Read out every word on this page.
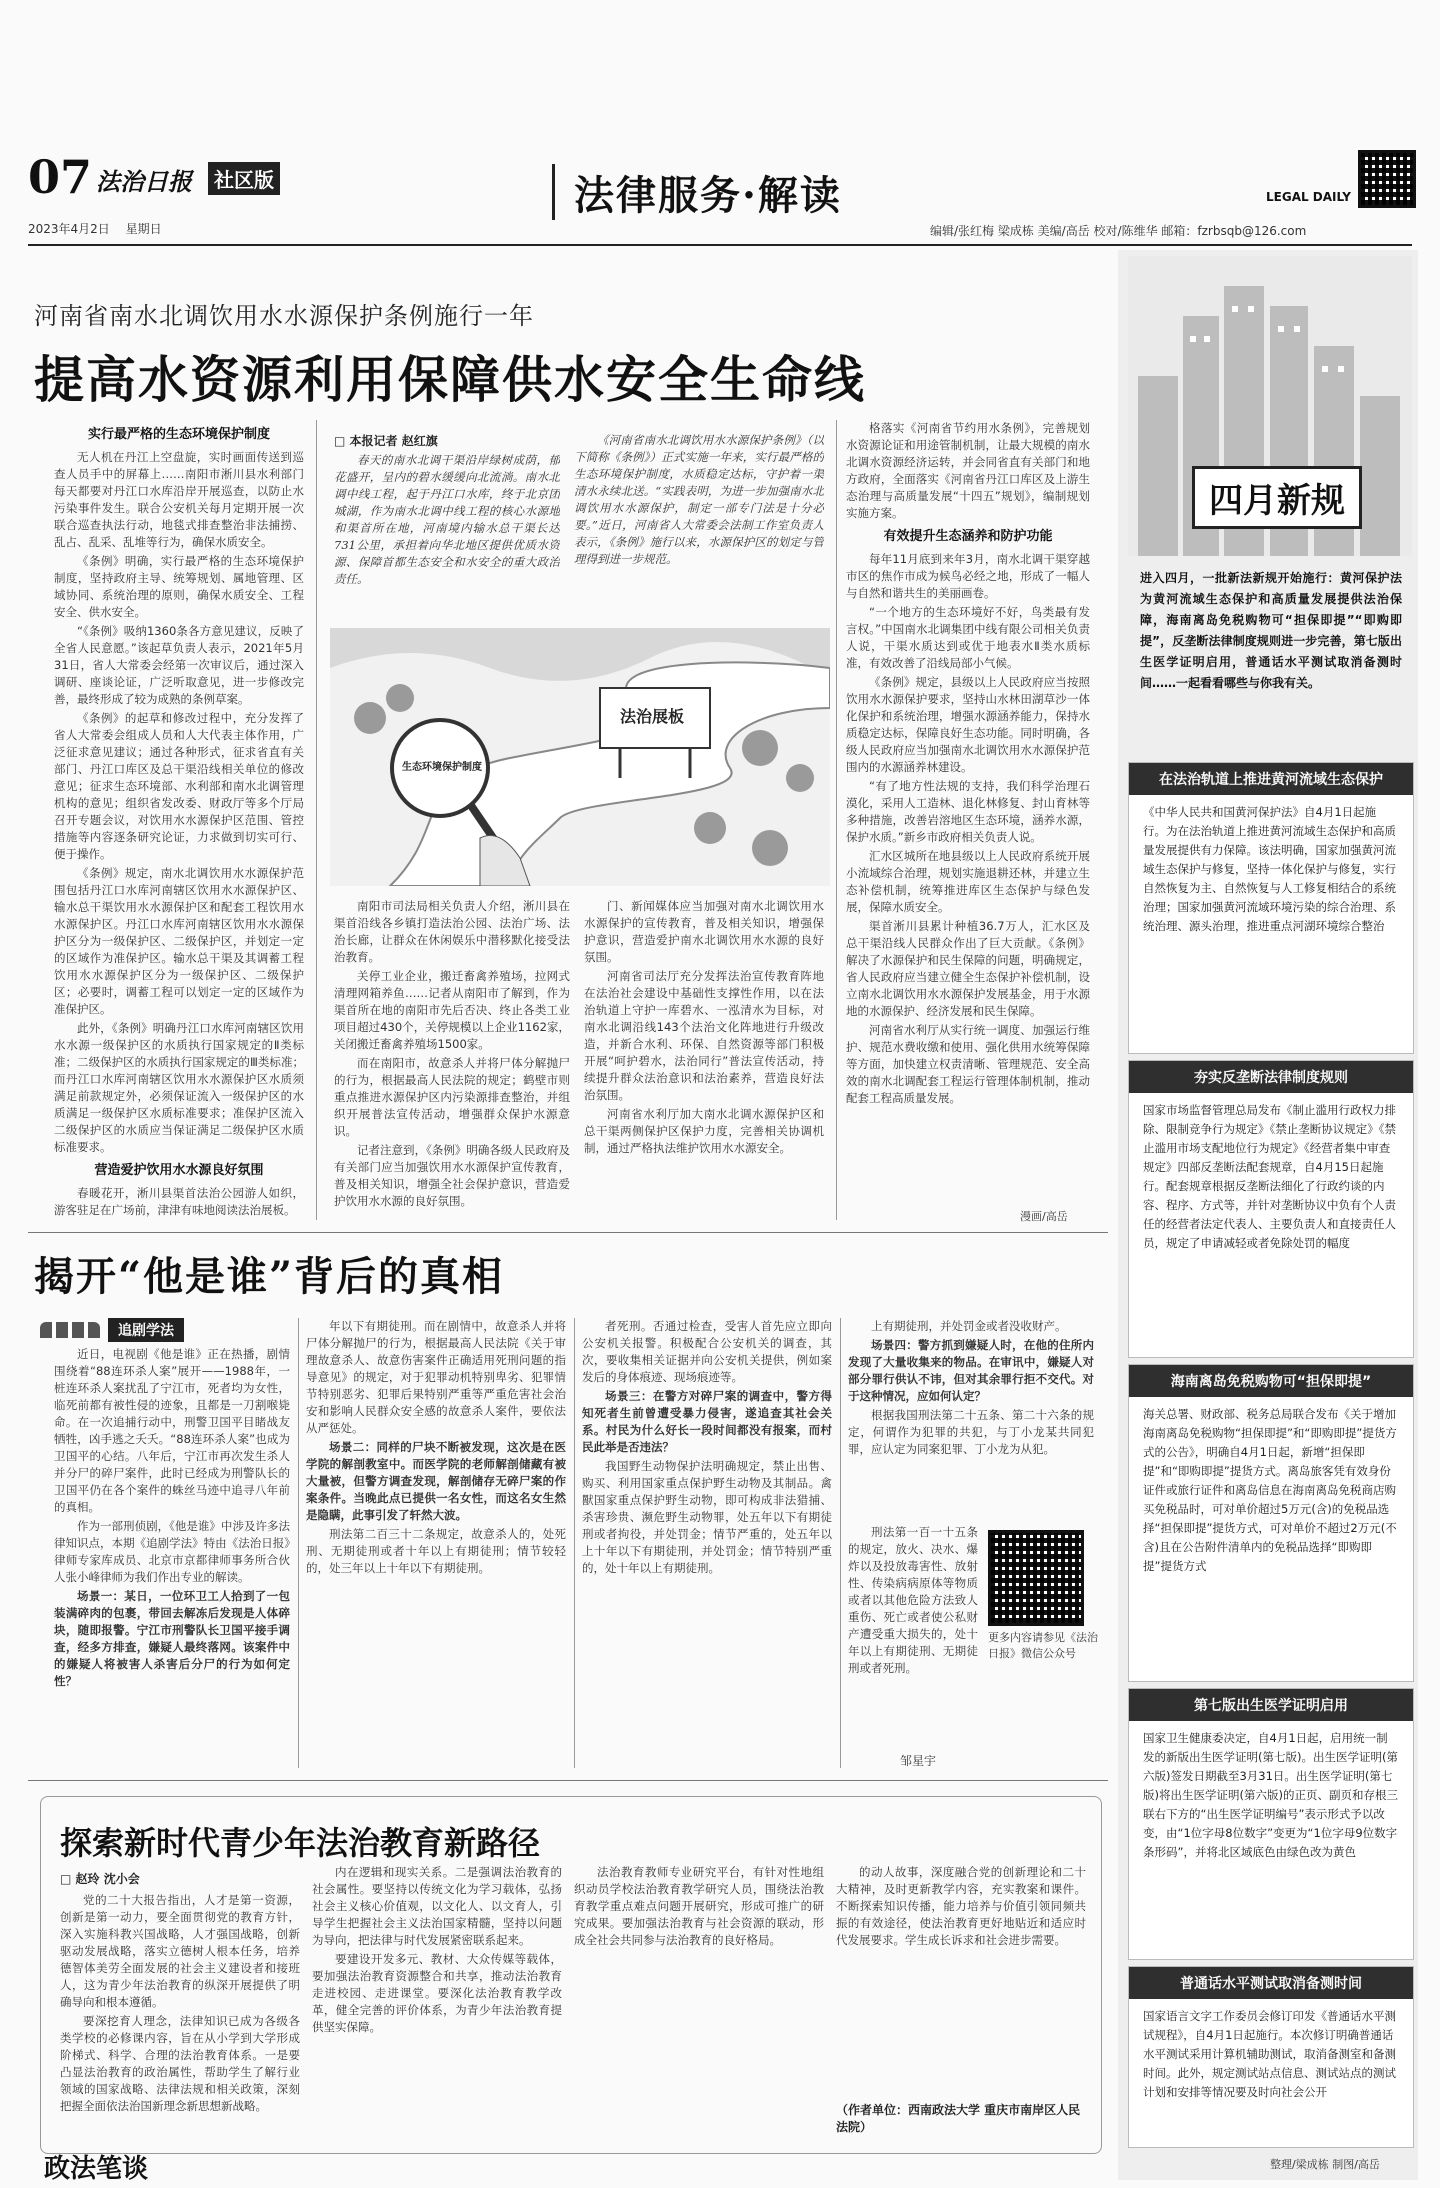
07 法治日报	社区版
2023年4月2日 星期日
法律服务·解读
编辑/张红梅 梁成栋 美编/高岳 校对/陈维华 邮箱：fzrbsqb@126.com
LEGAL DAILY
河南省南水北调饮用水水源保护条例施行一年
提高水资源利用保障供水安全生命线
实行最严格的生态环境保护制度

无人机在丹江上空盘旋，实时画面传送到巡查人员手中的屏幕上……南阳市淅川县水利部门每天都要对丹江口水库沿岸开展巡查，以防止水污染事件发生。联合公安机关每月定期开展一次联合巡查执法行动，地毯式排查整治非法捕捞、乱占、乱采、乱堆等行为，确保水质安全。

《条例》明确，实行最严格的生态环境保护制度，坚持政府主导、统筹规划、属地管理、区域协同、系统治理的原则，确保水质安全、工程安全、供水安全。

“《条例》吸纳1360条各方意见建议，反映了全省人民意愿。”该起草负责人表示，2021年5月31日，省人大常委会经第一次审议后，通过深入调研、座谈论证，广泛听取意见，进一步修改完善，最终形成了较为成熟的条例草案。

《条例》的起草和修改过程中，充分发挥了省人大常委会组成人员和人大代表主体作用，广泛征求意见建议；通过各种形式，征求省直有关部门、丹江口库区及总干渠沿线相关单位的修改意见；征求生态环境部、水利部和南水北调管理机构的意见；组织省发改委、财政厅等多个厅局召开专题会议，对饮用水水源保护区范围、管控措施等内容逐条研究论证，力求做到切实可行、便于操作。

《条例》规定，南水北调饮用水水源保护范围包括丹江口水库河南辖区饮用水水源保护区、输水总干渠饮用水水源保护区和配套工程饮用水水源保护区。丹江口水库河南辖区饮用水水源保护区分为一级保护区、二级保护区，并划定一定的区域作为准保护区。输水总干渠及其调蓄工程饮用水水源保护区分为一级保护区、二级保护区；必要时，调蓄工程可以划定一定的区域作为准保护区。

此外，《条例》明确丹江口水库河南辖区饮用水水源一级保护区的水质执行国家规定的Ⅱ类标准；二级保护区的水质执行国家规定的Ⅲ类标准；而丹江口水库河南辖区饮用水水源保护区水质须满足前款规定外，必须保证流入一级保护区的水质满足一级保护区水质标准要求；准保护区流入二级保护区的水质应当保证满足二级保护区水质标准要求。

营造爱护饮用水水源良好氛围

春暖花开，淅川县渠首法治公园游人如织，游客驻足在广场前，津津有味地阅读法治展板。

□ 本报记者 赵红旗

春天的南水北调干渠沿岸绿树成荫，郁花盛开，呈内的碧水缓缓向北流淌。南水北调中线工程，起于丹江口水库，终于北京团城湖，作为南水北调中线工程的核心水源地和渠首所在地，河南境内输水总干渠长达731公里，承担着向华北地区提供优质水资源、保障首都生态安全和水安全的重大政治责任。

《河南省南水北调饮用水水源保护条例》（以下简称《条例》）正式实施一年来，实行最严格的生态环境保护制度，水质稳定达标，守护着一渠清水永续北送。“实践表明，为进一步加强南水北调饮用水水源保护，制定一部专门法是十分必要。”近日，河南省人大常委会法制工作室负责人表示，《条例》施行以来，水源保护区的划定与管理得到进一步规范。

法治展板
生态环境保护制度

南阳市司法局相关负责人介绍，淅川县在渠首沿线各乡镇打造法治公园、法治广场、法治长廊，让群众在休闲娱乐中潜移默化接受法治教育。

关停工业企业，搬迁畜禽养殖场，拉网式清理网箱养鱼……记者从南阳市了解到，作为渠首所在地的南阳市先后否决、终止各类工业项目超过430个，关停规模以上企业1162家，关闭搬迁畜禽养殖场1500家。

而在南阳市，故意杀人并将尸体分解抛尸的行为，根据最高人民法院的规定；鹤壁市则重点推进水源保护区内污染源排查整治，并组织开展普法宣传活动，增强群众保护水源意识。

记者注意到，《条例》明确各级人民政府及有关部门应当加强饮用水水源保护宣传教育，普及相关知识，增强全社会保护意识，营造爱护饮用水水源的良好氛围。

门、新闻媒体应当加强对南水北调饮用水水源保护的宣传教育，普及相关知识，增强保护意识，营造爱护南水北调饮用水水源的良好氛围。

河南省司法厅充分发挥法治宣传教育阵地在法治社会建设中基础性支撑性作用，以在法治轨道上守护一库碧水、一泓清水为目标，对南水北调沿线143个法治文化阵地进行升级改造，并新合水利、环保、自然资源等部门积极开展“呵护碧水，法治同行”普法宣传活动，持续提升群众法治意识和法治素养，营造良好法治氛围。

河南省水利厅加大南水北调水源保护区和总干渠两侧保护区保护力度，完善相关协调机制，通过严格执法维护饮用水水源安全。

格落实《河南省节约用水条例》，完善规划水资源论证和用途管制机制，让最大规模的南水北调水资源经济运转，并会同省直有关部门和地方政府，全面落实《河南省丹江口库区及上游生态治理与高质量发展“十四五”规划》，编制规划实施方案。

有效提升生态涵养和防护功能

每年11月底到来年3月，南水北调干渠穿越市区的焦作市成为候鸟必经之地，形成了一幅人与自然和谐共生的美丽画卷。

“一个地方的生态环境好不好，鸟类最有发言权。”中国南水北调集团中线有限公司相关负责人说，干渠水质达到或优于地表水Ⅱ类水质标准，有效改善了沿线局部小气候。

《条例》规定，县级以上人民政府应当按照饮用水水源保护要求，坚持山水林田湖草沙一体化保护和系统治理，增强水源涵养能力，保持水质稳定达标，保障良好生态功能。同时明确，各级人民政府应当加强南水北调饮用水水源保护范围内的水源涵养林建设。

“有了地方性法规的支持，我们科学治理石漠化，采用人工造林、退化林修复、封山育林等多种措施，改善岩溶地区生态环境，涵养水源，保护水质。”新乡市政府相关负责人说。

汇水区城所在地县级以上人民政府系统开展小流域综合治理，规划实施退耕还林，并建立生态补偿机制，统筹推进库区生态保护与绿色发展，保障水质安全。

渠首淅川县累计种植36.7万人，汇水区及总干渠沿线人民群众作出了巨大贡献。《条例》解决了水源保护和民生保障的问题，明确规定，省人民政府应当建立健全生态保护补偿机制，设立南水北调饮用水水源保护发展基金，用于水源地的水源保护、经济发展和民生保障。

河南省水利厅从实行统一调度、加强运行维护、规范水费收缴和使用、强化供用水统筹保障等方面，加快建立权责清晰、管理规范、安全高效的南水北调配套工程运行管理体制机制，推动配套工程高质量发展。

漫画/高岳
揭开“他是谁”背后的真相
追剧学法

近日，电视剧《他是谁》正在热播，剧情围绕着“88连环杀人案”展开——1988年，一桩连环杀人案扰乱了宁江市，死者均为女性，临死前都有被性侵的迹象，且都是一刀割喉毙命。在一次追捕行动中，刑警卫国平目睹战友牺牲，凶手逃之夭夭。“88连环杀人案”也成为卫国平的心结。八年后，宁江市再次发生杀人并分尸的碎尸案件，此时已经成为刑警队长的卫国平仍在各个案件的蛛丝马迹中追寻八年前的真相。

作为一部刑侦剧，《他是谁》中涉及许多法律知识点，本期《追剧学法》特由《法治日报》律师专家库成员、北京市京都律师事务所合伙人张小峰律师为我们作出专业的解读。

场景一：某日，一位环卫工人拾到了一包装满碎肉的包裹，带回去解冻后发现是人体碎块，随即报警。宁江市刑警队长卫国平接手调查，经多方排查，嫌疑人最终落网。该案件中的嫌疑人将被害人杀害后分尸的行为如何定性？

年以下有期徒刑。而在剧情中，故意杀人并将尸体分解抛尸的行为，根据最高人民法院《关于审理故意杀人、故意伤害案件正确适用死刑问题的指导意见》的规定，对于犯罪动机特别卑劣、犯罪情节特别恶劣、犯罪后果特别严重等严重危害社会治安和影响人民群众安全感的故意杀人案件，要依法从严惩处。

场景二：同样的尸块不断被发现，这次是在医学院的解剖教室中。而医学院的老师解剖储藏有被大量被，但警方调查发现，解剖储存无碎尸案的作案条件。当晚此点已提供一名女性，而这名女生然是隐瞒，此事引发了轩然大波。

刑法第二百三十二条规定，故意杀人的，处死刑、无期徒刑或者十年以上有期徒刑；情节较轻的，处三年以上十年以下有期徒刑。

者死刑。否通过检查，受害人首先应立即向公安机关报警。积极配合公安机关的调查，其次，要收集相关证据并向公安机关提供，例如案发后的身体痕迹、现场痕迹等。

场景三：在警方对碎尸案的调查中，警方得知死者生前曾遭受暴力侵害，遂追查其社会关系。村民为什么好长一段时间都没有报案，而村民此举是否违法？

我国野生动物保护法明确规定，禁止出售、购买、利用国家重点保护野生动物及其制品。禽獸国家重点保护野生动物，即可构成非法猎捕、杀害珍贵、濒危野生动物罪，处五年以下有期徒刑或者拘役，并处罚金；情节严重的，处五年以上十年以下有期徒刑，并处罚金；情节特别严重的，处十年以上有期徒刑。

上有期徒刑，并处罚金或者没收财产。

场景四：警方抓到嫌疑人时，在他的住所内发现了大量收集来的物品。在审讯中，嫌疑人对部分罪行供认不讳，但对其余罪行拒不交代。对于这种情况，应如何认定？

根据我国刑法第二十五条、第二十六条的规定，何谓作为犯罪的共犯，与丁小龙某共同犯罪，应认定为同案犯罪、丁小龙为从犯。

刑法第一百一十五条的规定，放火、决水、爆炸以及投放毒害性、放射性、传染病病原体等物质或者以其他危险方法致人重伤、死亡或者使公私财产遭受重大损失的，处十年以上有期徒刑、无期徒刑或者死刑。

更多内容请参见《法治日报》微信公众号
邹星宇
探索新时代青少年法治教育新路径
□ 赵玲 沈小会

党的二十大报告指出，人才是第一资源，创新是第一动力，要全面贯彻党的教育方针，深入实施科教兴国战略，人才强国战略，创新驱动发展战略，落实立德树人根本任务，培养德智体美劳全面发展的社会主义建设者和接班人，这为青少年法治教育的纵深开展提供了明确导向和根本遵循。

要深挖育人理念，法律知识已成为各级各类学校的必修课内容，旨在从小学到大学形成阶梯式、科学、合理的法治教育体系。一是要凸显法治教育的政治属性，帮助学生了解行业领域的国家战略、法律法规和相关政策，深刻把握全面依法治国新理念新思想新战略。

内在逻辑和现实关系。二是强调法治教育的社会属性。要坚持以传统文化为学习载体，弘扬社会主义核心价值观，以文化人、以文育人，引导学生把握社会主义法治国家精髓，坚持以问题为导向，把法律与时代发展紧密联系起来。

要建设开发多元、教材、大众传媒等载体，要加强法治教育资源整合和共享，推动法治教育走进校园、走进课堂。要深化法治教育教学改革，健全完善的评价体系，为青少年法治教育提供坚实保障。

法治教育教师专业研究平台，有针对性地组织动员学校法治教育教学研究人员，围绕法治教育教学重点难点问题开展研究，形成可推广的研究成果。要加强法治教育与社会资源的联动，形成全社会共同参与法治教育的良好格局。

的动人故事，深度融合党的创新理论和二十大精神，及时更新教学内容，充实教案和课件。不断探索知识传播，能力培养与价值引领同频共振的有效途径，使法治教育更好地贴近和适应时代发展要求。学生成长诉求和社会进步需要。

（作者单位：西南政法大学 重庆市南岸区人民法院）
政法笔谈
四月新规
进入四月，一批新法新规开始施行：黄河保护法为黄河流域生态保护和高质量发展提供法治保障，海南离岛免税购物可“担保即提”“即购即提”，反垄断法律制度规则进一步完善，第七版出生医学证明启用，普通话水平测试取消备测时间……一起看看哪些与你我有关。
在法治轨道上推进黄河流域生态保护
《中华人民共和国黄河保护法》自4月1日起施行。为在法治轨道上推进黄河流域生态保护和高质量发展提供有力保障。该法明确，国家加强黄河流域生态保护与修复，坚持一体化保护与修复，实行自然恢复为主、自然恢复与人工修复相结合的系统治理；国家加强黄河流域环境污染的综合治理、系统治理、源头治理，推进重点河湖环境综合整治
夯实反垄断法律制度规则
国家市场监督管理总局发布《制止滥用行政权力排除、限制竞争行为规定》《禁止垄断协议规定》《禁止滥用市场支配地位行为规定》《经营者集中审查规定》四部反垄断法配套规章，自4月15日起施行。配套规章根据反垄断法细化了行政约谈的内容、程序、方式等，并针对垄断协议中负有个人责任的经营者法定代表人、主要负责人和直接责任人员，规定了申请减轻或者免除处罚的幅度
海南离岛免税购物可“担保即提”
海关总署、财政部、税务总局联合发布《关于增加海南离岛免税购物“担保即提”和“即购即提”提货方式的公告》，明确自4月1日起，新增“担保即提”和“即购即提”提货方式。离岛旅客凭有效身份证件或旅行证件和离岛信息在海南离岛免税商店购买免税品时，可对单价超过5万元(含)的免税品选择“担保即提”提货方式，可对单价不超过2万元(不含)且在公告附件清单内的免税品选择“即购即提”提货方式
第七版出生医学证明启用
国家卫生健康委决定，自4月1日起，启用统一制发的新版出生医学证明(第七版)。出生医学证明(第六版)签发日期截至3月31日。出生医学证明(第七版)将出生医学证明(第六版)的正页、副页和存根三联右下方的“出生医学证明编号”表示形式予以改变，由“1位字母8位数字”变更为“1位字母9位数字条形码”，并将北区域底色由绿色改为黄色
普通话水平测试取消备测时间
国家语言文字工作委员会修订印发《普通话水平测试规程》，自4月1日起施行。本次修订明确普通话水平测试采用计算机辅助测试，取消备测室和备测时间。此外，规定测试站点信息、测试站点的测试计划和安排等情况要及时向社会公开
整理/梁成栋 制图/高岳
